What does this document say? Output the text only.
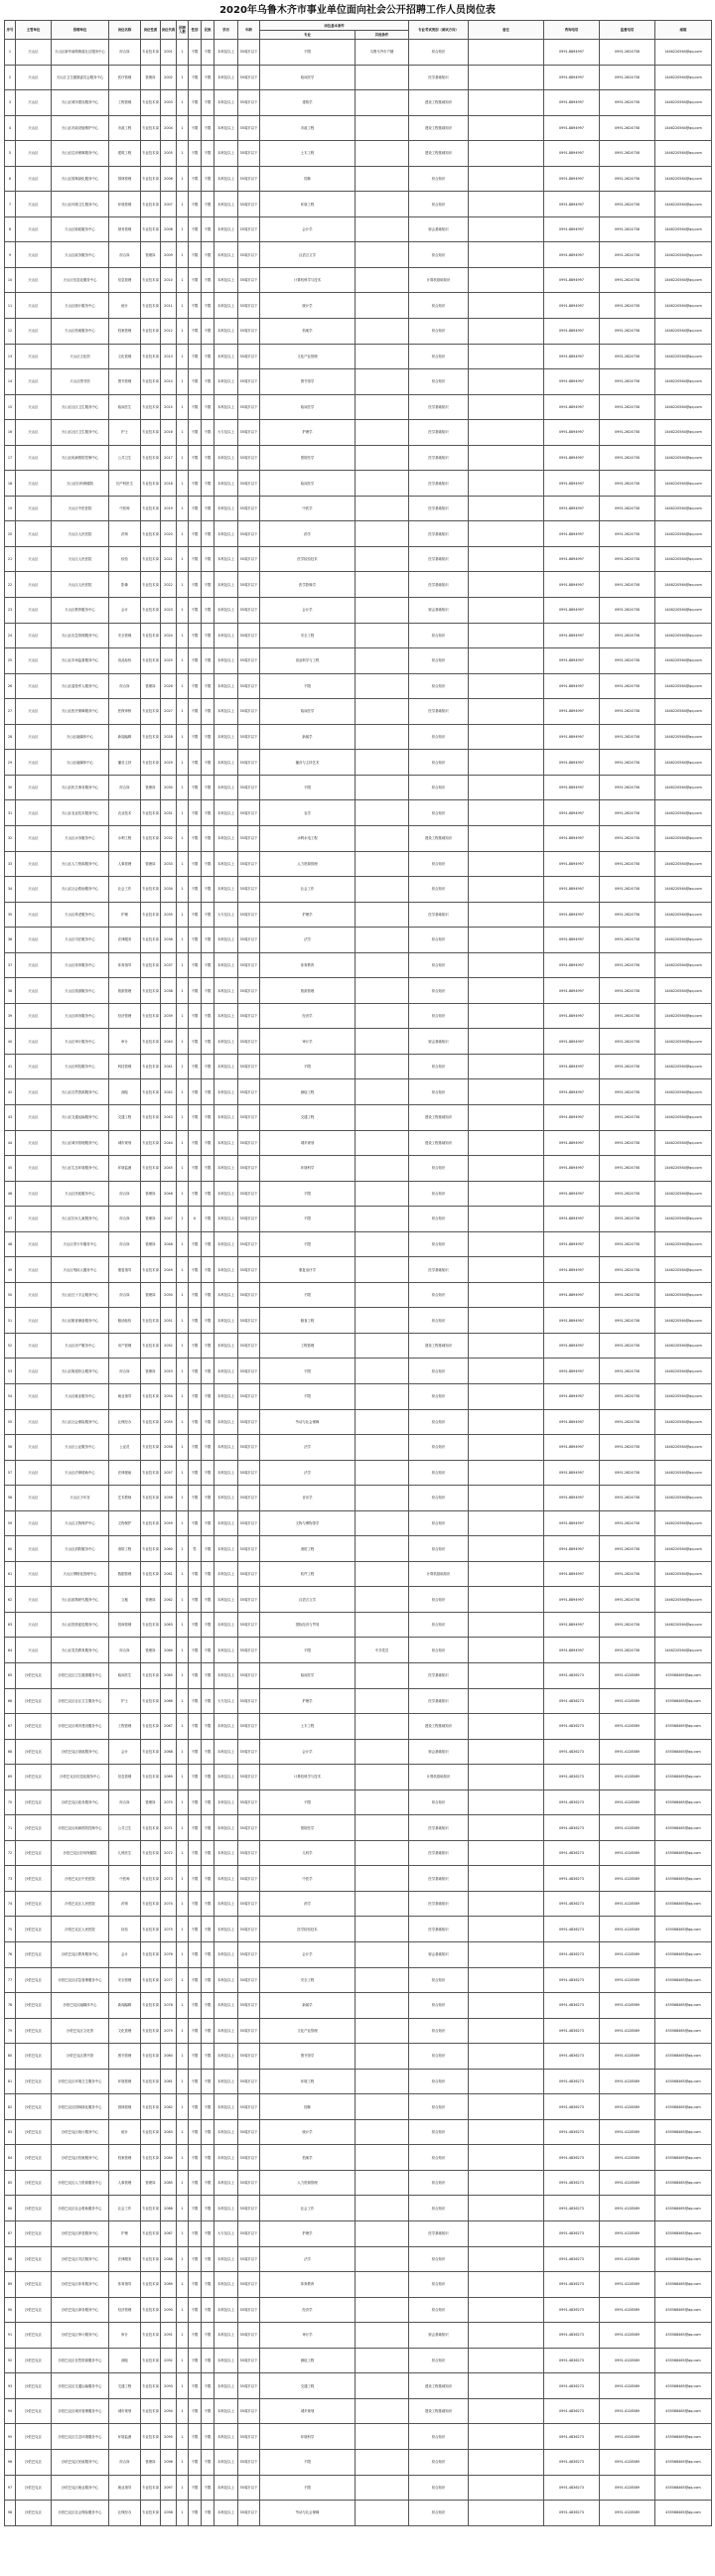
2020年乌鲁木齐市事业单位面向社会公开招聘工作人员岗位表
序号	主管单位	招聘单位	岗位名称	岗位性质	岗位代码	招聘人数	性别	民族	学历	年龄	岗位基本条件		专业考试类别（面试方向）	备注	咨询电话	监督电话	邮箱
											专业	其他条件					
1	天山区	天山区新华南路街道社区服务中心	综合岗	专业技术岗	2001	1	不限	不限	本科及以上	35周岁以下	不限	乌鲁木齐市户籍	综合知识		0991-8894997	0991-2624758	1446220564@qq.com
2	天山区	天山区卫生健康委员会服务中心	医疗管理	管理岗	2002	1	不限	不限	本科及以上	35周岁以下	临床医学		医学基础知识		0991-8894997	0991-2624758	1446220564@qq.com
3	天山区	天山区城市建设服务中心	工程管理	专业技术岗	2003	1	不限	不限	本科及以上	35周岁以下	建筑学		建设工程基础知识		0991-8894997	0991-2624758	1446220564@qq.com
4	天山区	天山区市政设施维护中心	市政工程	专业技术岗	2004	1	不限	不限	本科及以上	35周岁以下	市政工程		建设工程基础知识		0991-8894997	0991-2624758	1446220564@qq.com
5	天山区	天山区住房保障服务中心	建筑工程	专业技术岗	2005	1	不限	不限	本科及以上	35周岁以下	土木工程		建设工程基础知识		0991-8894997	0991-2624758	1446220564@qq.com
6	天山区	天山区园林绿化服务中心	园林管理	专业技术岗	2006	1	不限	不限	本科及以上	35周岁以下	园林		综合知识		0991-8894997	0991-2624758	1446220564@qq.com
7	天山区	天山区环境卫生服务中心	环境管理	专业技术岗	2007	1	不限	不限	本科及以上	35周岁以下	环境工程		综合知识		0991-8894997	0991-2624758	1446220564@qq.com
8	天山区	天山区财政服务中心	财务管理	专业技术岗	2008	1	不限	不限	本科及以上	35周岁以下	会计学		财会基础知识		0991-8894997	0991-2624758	1446220564@qq.com
9	天山区	天山区政务服务中心	综合岗	管理岗	2009	1	不限	不限	本科及以上	35周岁以下	汉语言文学		综合知识		0991-8894997	0991-2624758	1446220564@qq.com
10	天山区	天山区信息化服务中心	信息管理	专业技术岗	2010	1	不限	不限	本科及以上	35周岁以下	计算机科学与技术		计算机基础知识		0991-8894997	0991-2624758	1446220564@qq.com
11	天山区	天山区统计服务中心	统计	专业技术岗	2011	1	不限	不限	本科及以上	35周岁以下	统计学		综合知识		0991-8894997	0991-2624758	1446220564@qq.com
12	天山区	天山区档案服务中心	档案管理	专业技术岗	2012	1	不限	不限	本科及以上	35周岁以下	档案学		综合知识		0991-8894997	0991-2624758	1446220564@qq.com
13	天山区	天山区文化馆	文化管理	专业技术岗	2013	1	不限	不限	本科及以上	35周岁以下	文化产业管理		综合知识		0991-8894997	0991-2624758	1446220564@qq.com
14	天山区	天山区图书馆	图书管理	专业技术岗	2014	1	不限	不限	本科及以上	35周岁以下	图书馆学		综合知识		0991-8894997	0991-2624758	1446220564@qq.com
15	天山区	天山区社区卫生服务中心	临床医生	专业技术岗	2015	1	不限	不限	本科及以上	35周岁以下	临床医学		医学基础知识		0991-8894997	0991-2624758	1446220564@qq.com
16	天山区	天山区社区卫生服务中心	护士	专业技术岗	2016	1	不限	不限	大专及以上	35周岁以下	护理学		医学基础知识		0991-8894997	0991-2624758	1446220564@qq.com
17	天山区	天山区疾病预防控制中心	公共卫生	专业技术岗	2017	1	不限	不限	本科及以上	35周岁以下	预防医学		医学基础知识		0991-8894997	0991-2624758	1446220564@qq.com
18	天山区	天山区妇幼保健院	妇产科医生	专业技术岗	2018	1	不限	不限	本科及以上	35周岁以下	临床医学		医学基础知识		0991-8894997	0991-2624758	1446220564@qq.com
19	天山区	天山区中医医院	中医师	专业技术岗	2019	1	不限	不限	本科及以上	35周岁以下	中医学		医学基础知识		0991-8894997	0991-2624758	1446220564@qq.com
20	天山区	天山区人民医院	药剂	专业技术岗	2020	1	不限	不限	本科及以上	35周岁以下	药学		医学基础知识		0991-8894997	0991-2624758	1446220564@qq.com
21	天山区	天山区人民医院	检验	专业技术岗	2021	1	不限	不限	本科及以上	35周岁以下	医学检验技术		医学基础知识		0991-8894997	0991-2624758	1446220564@qq.com
22	天山区	天山区人民医院	影像	专业技术岗	2022	1	不限	不限	本科及以上	35周岁以下	医学影像学		医学基础知识		0991-8894997	0991-2624758	1446220564@qq.com
23	天山区	天山区教育服务中心	会计	专业技术岗	2023	1	不限	不限	本科及以上	35周岁以下	会计学		财会基础知识		0991-8894997	0991-2624758	1446220564@qq.com
24	天山区	天山区应急管理服务中心	安全管理	专业技术岗	2024	1	不限	不限	本科及以上	35周岁以下	安全工程		综合知识		0991-8894997	0991-2624758	1446220564@qq.com
25	天山区	天山区市场监督服务中心	食品检验	专业技术岗	2025	1	不限	不限	本科及以上	35周岁以下	食品科学与工程		综合知识		0991-8894997	0991-2624758	1446220564@qq.com
26	天山区	天山区退役军人服务中心	综合岗	管理岗	2026	1	不限	不限	本科及以上	35周岁以下	不限		综合知识		0991-8894997	0991-2624758	1446220564@qq.com
27	天山区	天山区医疗保障服务中心	医保审核	专业技术岗	2027	1	不限	不限	本科及以上	35周岁以下	临床医学		医学基础知识		0991-8894997	0991-2624758	1446220564@qq.com
28	天山区	天山区融媒体中心	新闻编辑	专业技术岗	2028	1	不限	不限	本科及以上	35周岁以下	新闻学		综合知识		0991-8894997	0991-2624758	1446220564@qq.com
29	天山区	天山区融媒体中心	播音主持	专业技术岗	2029	1	不限	不限	本科及以上	35周岁以下	播音与主持艺术		综合知识		0991-8894997	0991-2624758	1446220564@qq.com
30	天山区	天山区机关事务服务中心	综合岗	管理岗	2030	1	不限	不限	本科及以上	35周岁以下	不限		综合知识		0991-8894997	0991-2624758	1446220564@qq.com
31	天山区	天山区农业技术服务中心	农业技术	专业技术岗	2031	1	不限	不限	本科及以上	35周岁以下	农学		综合知识		0991-8894997	0991-2624758	1446220564@qq.com
32	天山区	天山区水务服务中心	水利工程	专业技术岗	2032	1	不限	不限	本科及以上	35周岁以下	水利水电工程		建设工程基础知识		0991-8894997	0991-2624758	1446220564@qq.com
33	天山区	天山区人力资源服务中心	人事管理	管理岗	2033	1	不限	不限	本科及以上	35周岁以下	人力资源管理		综合知识		0991-8894997	0991-2624758	1446220564@qq.com
34	天山区	天山区社会救助服务中心	社会工作	专业技术岗	2034	1	不限	不限	本科及以上	35周岁以下	社会工作		综合知识		0991-8894997	0991-2624758	1446220564@qq.com
35	天山区	天山区养老服务中心	护理	专业技术岗	2035	1	不限	不限	大专及以上	35周岁以下	护理学		医学基础知识		0991-8894997	0991-2624758	1446220564@qq.com
36	天山区	天山区司法服务中心	法律服务	专业技术岗	2036	1	不限	不限	本科及以上	35周岁以下	法学		综合知识		0991-8894997	0991-2624758	1446220564@qq.com
37	天山区	天山区体育服务中心	体育指导	专业技术岗	2037	1	不限	不限	本科及以上	35周岁以下	体育教育		综合知识		0991-8894997	0991-2624758	1446220564@qq.com
38	天山区	天山区旅游服务中心	旅游管理	专业技术岗	2038	1	不限	不限	本科及以上	35周岁以下	旅游管理		综合知识		0991-8894997	0991-2624758	1446220564@qq.com
39	天山区	天山区商务服务中心	经济管理	专业技术岗	2039	1	不限	不限	本科及以上	35周岁以下	经济学		综合知识		0991-8894997	0991-2624758	1446220564@qq.com
40	天山区	天山区审计服务中心	审计	专业技术岗	2040	1	不限	不限	本科及以上	35周岁以下	审计学		财会基础知识		0991-8894997	0991-2624758	1446220564@qq.com
41	天山区	天山区科技服务中心	科技管理	专业技术岗	2041	1	不限	不限	本科及以上	35周岁以下	不限		综合知识		0991-8894997	0991-2624758	1446220564@qq.com
42	天山区	天山区自然资源服务中心	测绘	专业技术岗	2042	1	不限	不限	本科及以上	35周岁以下	测绘工程		综合知识		0991-8894997	0991-2624758	1446220564@qq.com
43	天山区	天山区交通运输服务中心	交通工程	专业技术岗	2043	1	不限	不限	本科及以上	35周岁以下	交通工程		建设工程基础知识		0991-8894997	0991-2624758	1446220564@qq.com
44	天山区	天山区城市管理服务中心	城市规划	专业技术岗	2044	1	不限	不限	本科及以上	35周岁以下	城乡规划		建设工程基础知识		0991-8894997	0991-2624758	1446220564@qq.com
45	天山区	天山区生态环境服务中心	环境监测	专业技术岗	2045	1	不限	不限	本科及以上	35周岁以下	环境科学		综合知识		0991-8894997	0991-2624758	1446220564@qq.com
46	天山区	天山区民政服务中心	综合岗	管理岗	2046	1	不限	不限	本科及以上	35周岁以下	不限		综合知识		0991-8894997	0991-2624758	1446220564@qq.com
47	天山区	天山区妇女儿童服务中心	综合岗	管理岗	2047	1	女	不限	本科及以上	35周岁以下	不限		综合知识		0991-8894997	0991-2624758	1446220564@qq.com
48	天山区	天山区青少年服务中心	综合岗	管理岗	2048	1	不限	不限	本科及以上	35周岁以下	不限		综合知识		0991-8894997	0991-2624758	1446220564@qq.com
49	天山区	天山区残疾人服务中心	康复指导	专业技术岗	2049	1	不限	不限	本科及以上	35周岁以下	康复治疗学		医学基础知识		0991-8894997	0991-2624758	1446220564@qq.com
50	天山区	天山区红十字会服务中心	综合岗	管理岗	2050	1	不限	不限	本科及以上	35周岁以下	不限		综合知识		0991-8894997	0991-2624758	1446220564@qq.com
51	天山区	天山区粮食储备服务中心	粮油检验	专业技术岗	2051	1	不限	不限	本科及以上	35周岁以下	粮食工程		综合知识		0991-8894997	0991-2624758	1446220564@qq.com
52	天山区	天山区房产服务中心	房产管理	专业技术岗	2052	1	不限	不限	本科及以上	35周岁以下	工程管理		建设工程基础知识		0991-8894997	0991-2624758	1446220564@qq.com
53	天山区	天山区街道综合服务中心	综合岗	管理岗	2053	1	不限	不限	本科及以上	35周岁以下	不限		综合知识		0991-8894997	0991-2624758	1446220564@qq.com
54	天山区	天山区就业服务中心	就业指导	专业技术岗	2054	1	不限	不限	本科及以上	35周岁以下	不限		综合知识		0991-8894997	0991-2624758	1446220564@qq.com
55	天山区	天山区社会保险服务中心	社保经办	专业技术岗	2055	1	不限	不限	本科及以上	35周岁以下	劳动与社会保障		综合知识		0991-8894997	0991-2624758	1446220564@qq.com
56	天山区	天山区公证服务中心	公证员	专业技术岗	2056	1	不限	不限	本科及以上	35周岁以下	法学		综合知识		0991-8894997	0991-2624758	1446220564@qq.com
57	天山区	天山区法律援助中心	法律援助	专业技术岗	2057	1	不限	不限	本科及以上	35周岁以下	法学		综合知识		0991-8894997	0991-2624758	1446220564@qq.com
58	天山区	天山区少年宫	艺术教师	专业技术岗	2058	1	不限	不限	本科及以上	35周岁以下	音乐学		综合知识		0991-8894997	0991-2624758	1446220564@qq.com
59	天山区	天山区文物保护中心	文物保护	专业技术岗	2059	1	不限	不限	本科及以上	35周岁以下	文物与博物馆学		综合知识		0991-8894997	0991-2624758	1446220564@qq.com
60	天山区	天山区消防服务中心	消防工程	专业技术岗	2060	1	男	不限	本科及以上	35周岁以下	消防工程		综合知识		0991-8894997	0991-2624758	1446220564@qq.com
61	天山区	天山区网格化管理中心	数据管理	专业技术岗	2061	1	不限	不限	本科及以上	35周岁以下	软件工程		计算机基础知识		0991-8894997	0991-2624758	1446220564@qq.com
62	天山区	天山区政策研究服务中心	文秘	管理岗	2062	1	不限	不限	本科及以上	35周岁以下	汉语言文学		综合知识		0991-8894997	0991-2624758	1446220564@qq.com
63	天山区	天山区投资促进服务中心	招商管理	专业技术岗	2063	1	不限	不限	本科及以上	35周岁以下	国际经济与贸易		综合知识		0991-8894997	0991-2624758	1446220564@qq.com
64	天山区	天山区党员教育服务中心	综合岗	管理岗	2064	1	不限	不限	本科及以上	35周岁以下	不限	中共党员	综合知识		0991-8894997	0991-2624758	1446220564@qq.com
65	沙依巴克区	沙依巴克区卫生健康服务中心	临床医生	专业技术岗	2065	1	不限	不限	本科及以上	35周岁以下	临床医学		医学基础知识		0991-4836273	0991-4128589	455568465@qq.com
66	沙依巴克区	沙依巴克区社区卫生服务中心	护士	专业技术岗	2066	1	不限	不限	大专及以上	35周岁以下	护理学		医学基础知识		0991-4836273	0991-4128589	455568465@qq.com
67	沙依巴克区	沙依巴克区城市建设服务中心	工程管理	专业技术岗	2067	1	不限	不限	本科及以上	35周岁以下	土木工程		建设工程基础知识		0991-4836273	0991-4128589	455568465@qq.com
68	沙依巴克区	沙依巴克区财政服务中心	会计	专业技术岗	2068	1	不限	不限	本科及以上	35周岁以下	会计学		财会基础知识		0991-4836273	0991-4128589	455568465@qq.com
69	沙依巴克区	沙依巴克区信息化服务中心	信息管理	专业技术岗	2069	1	不限	不限	本科及以上	35周岁以下	计算机科学与技术		计算机基础知识		0991-4836273	0991-4128589	455568465@qq.com
70	沙依巴克区	沙依巴克区政务服务中心	综合岗	管理岗	2070	1	不限	不限	本科及以上	35周岁以下	不限		综合知识		0991-4836273	0991-4128589	455568465@qq.com
71	沙依巴克区	沙依巴克区疾病预防控制中心	公共卫生	专业技术岗	2071	1	不限	不限	本科及以上	35周岁以下	预防医学		医学基础知识		0991-4836273	0991-4128589	455568465@qq.com
72	沙依巴克区	沙依巴克区妇幼保健院	儿科医生	专业技术岗	2072	1	不限	不限	本科及以上	35周岁以下	儿科学		医学基础知识		0991-4836273	0991-4128589	455568465@qq.com
73	沙依巴克区	沙依巴克区中医医院	中医师	专业技术岗	2073	1	不限	不限	本科及以上	35周岁以下	中医学		医学基础知识		0991-4836273	0991-4128589	455568465@qq.com
74	沙依巴克区	沙依巴克区人民医院	药剂	专业技术岗	2074	1	不限	不限	本科及以上	35周岁以下	药学		医学基础知识		0991-4836273	0991-4128589	455568465@qq.com
75	沙依巴克区	沙依巴克区人民医院	检验	专业技术岗	2075	1	不限	不限	本科及以上	35周岁以下	医学检验技术		医学基础知识		0991-4836273	0991-4128589	455568465@qq.com
76	沙依巴克区	沙依巴克区教育服务中心	会计	专业技术岗	2076	1	不限	不限	本科及以上	35周岁以下	会计学		财会基础知识		0991-4836273	0991-4128589	455568465@qq.com
77	沙依巴克区	沙依巴克区应急管理服务中心	安全管理	专业技术岗	2077	1	不限	不限	本科及以上	35周岁以下	安全工程		综合知识		0991-4836273	0991-4128589	455568465@qq.com
78	沙依巴克区	沙依巴克区融媒体中心	新闻编辑	专业技术岗	2078	1	不限	不限	本科及以上	35周岁以下	新闻学		综合知识		0991-4836273	0991-4128589	455568465@qq.com
79	沙依巴克区	沙依巴克区文化馆	文化管理	专业技术岗	2079	1	不限	不限	本科及以上	35周岁以下	文化产业管理		综合知识		0991-4836273	0991-4128589	455568465@qq.com
80	沙依巴克区	沙依巴克区图书馆	图书管理	专业技术岗	2080	1	不限	不限	本科及以上	35周岁以下	图书馆学		综合知识		0991-4836273	0991-4128589	455568465@qq.com
81	沙依巴克区	沙依巴克区环境卫生服务中心	环境管理	专业技术岗	2081	1	不限	不限	本科及以上	35周岁以下	环境工程		综合知识		0991-4836273	0991-4128589	455568465@qq.com
82	沙依巴克区	沙依巴克区园林绿化服务中心	园林管理	专业技术岗	2082	1	不限	不限	本科及以上	35周岁以下	园林		综合知识		0991-4836273	0991-4128589	455568465@qq.com
83	沙依巴克区	沙依巴克区统计服务中心	统计	专业技术岗	2083	1	不限	不限	本科及以上	35周岁以下	统计学		综合知识		0991-4836273	0991-4128589	455568465@qq.com
84	沙依巴克区	沙依巴克区档案服务中心	档案管理	专业技术岗	2084	1	不限	不限	本科及以上	35周岁以下	档案学		综合知识		0991-4836273	0991-4128589	455568465@qq.com
85	沙依巴克区	沙依巴克区人力资源服务中心	人事管理	管理岗	2085	1	不限	不限	本科及以上	35周岁以下	人力资源管理		综合知识		0991-4836273	0991-4128589	455568465@qq.com
86	沙依巴克区	沙依巴克区社会救助服务中心	社会工作	专业技术岗	2086	1	不限	不限	本科及以上	35周岁以下	社会工作		综合知识		0991-4836273	0991-4128589	455568465@qq.com
87	沙依巴克区	沙依巴克区养老服务中心	护理	专业技术岗	2087	1	不限	不限	大专及以上	35周岁以下	护理学		医学基础知识		0991-4836273	0991-4128589	455568465@qq.com
88	沙依巴克区	沙依巴克区司法服务中心	法律服务	专业技术岗	2088	1	不限	不限	本科及以上	35周岁以下	法学		综合知识		0991-4836273	0991-4128589	455568465@qq.com
89	沙依巴克区	沙依巴克区体育服务中心	体育指导	专业技术岗	2089	1	不限	不限	本科及以上	35周岁以下	体育教育		综合知识		0991-4836273	0991-4128589	455568465@qq.com
90	沙依巴克区	沙依巴克区商务服务中心	经济管理	专业技术岗	2090	1	不限	不限	本科及以上	35周岁以下	经济学		综合知识		0991-4836273	0991-4128589	455568465@qq.com
91	沙依巴克区	沙依巴克区审计服务中心	审计	专业技术岗	2091	1	不限	不限	本科及以上	35周岁以下	审计学		财会基础知识		0991-4836273	0991-4128589	455568465@qq.com
92	沙依巴克区	沙依巴克区自然资源服务中心	测绘	专业技术岗	2092	1	不限	不限	本科及以上	35周岁以下	测绘工程		综合知识		0991-4836273	0991-4128589	455568465@qq.com
93	沙依巴克区	沙依巴克区交通运输服务中心	交通工程	专业技术岗	2093	1	不限	不限	本科及以上	35周岁以下	交通工程		建设工程基础知识		0991-4836273	0991-4128589	455568465@qq.com
94	沙依巴克区	沙依巴克区城市管理服务中心	城市规划	专业技术岗	2094	1	不限	不限	本科及以上	35周岁以下	城乡规划		建设工程基础知识		0991-4836273	0991-4128589	455568465@qq.com
95	沙依巴克区	沙依巴克区生态环境服务中心	环境监测	专业技术岗	2095	1	不限	不限	本科及以上	35周岁以下	环境科学		综合知识		0991-4836273	0991-4128589	455568465@qq.com
96	沙依巴克区	沙依巴克区民政服务中心	综合岗	管理岗	2096	1	不限	不限	本科及以上	35周岁以下	不限		综合知识		0991-4836273	0991-4128589	455568465@qq.com
97	沙依巴克区	沙依巴克区就业服务中心	就业指导	专业技术岗	2097	1	不限	不限	本科及以上	35周岁以下	不限		综合知识		0991-4836273	0991-4128589	455568465@qq.com
98	沙依巴克区	沙依巴克区社会保险服务中心	社保经办	专业技术岗	2098	1	不限	不限	本科及以上	35周岁以下	劳动与社会保障		综合知识		0991-4836273	0991-4128589	455568465@qq.com
